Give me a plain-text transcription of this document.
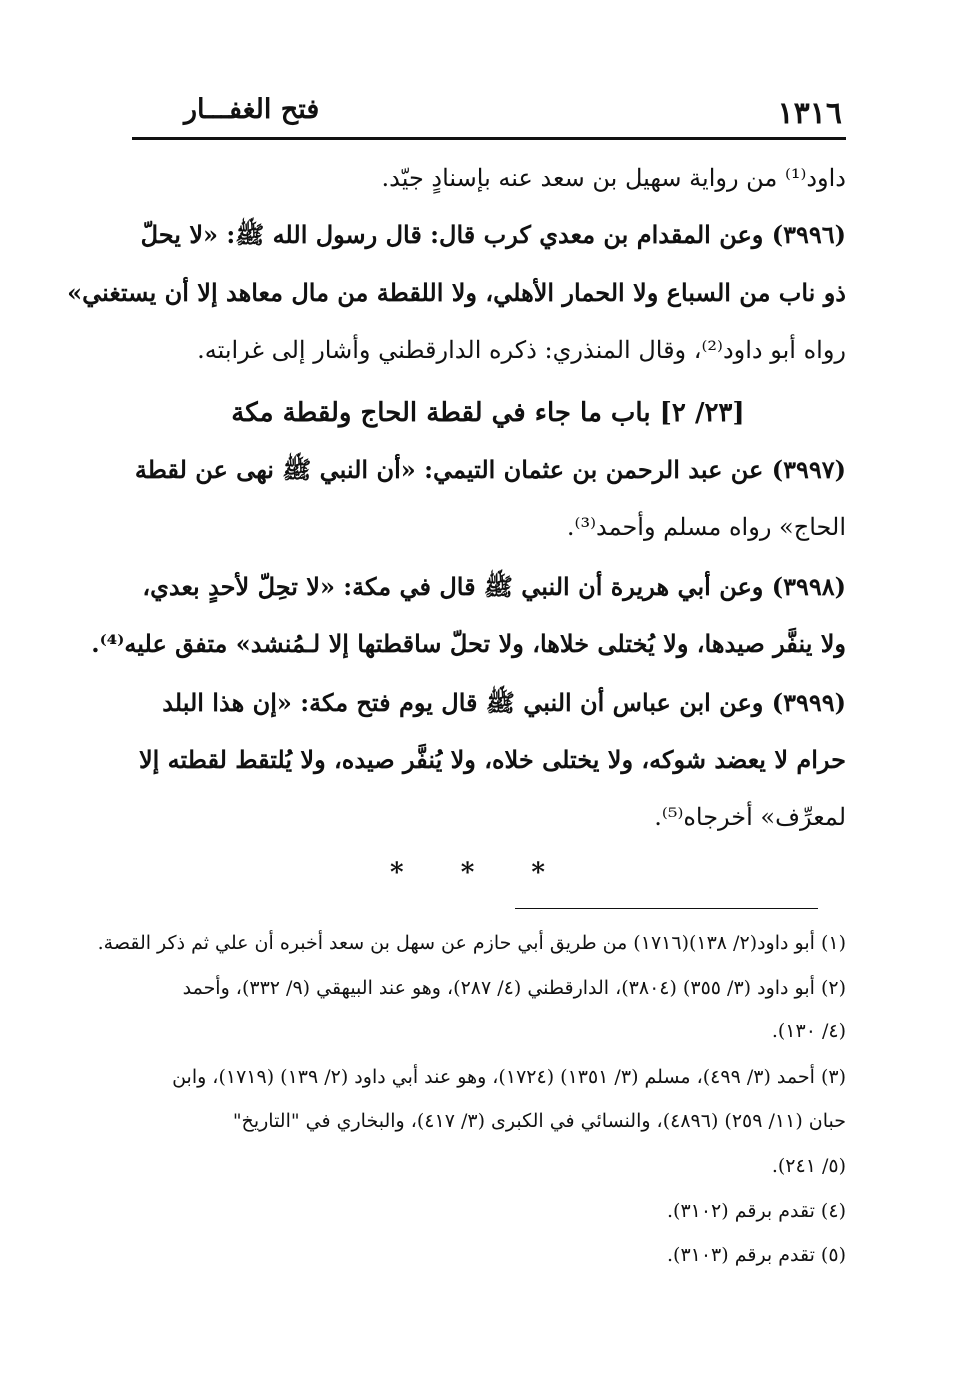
١٣١٦
فتح الغفـــار
داود⁽¹⁾ من رواية سهيل بن سعد عنه بإسنادٍ جيّد.
(٣٩٩٦) وعن المقدام بن معدي كرب قال: قال رسول الله ﷺ: «لا يحلّ
ذو ناب من السباع ولا الحمار الأهلي، ولا اللقطة من مال معاهد إلا أن يستغني»
رواه أبو داود⁽²⁾، وقال المنذري: ذكره الدارقطني وأشار إلى غرابته.
[٢٣/ ٢] باب ما جاء في لقطة الحاج ولقطة مكة
(٣٩٩٧) عن عبد الرحمن بن عثمان التيمي: «أن النبي ﷺ نهى عن لقطة
الحاج» رواه مسلم وأحمد⁽³⁾.
(٣٩٩٨) وعن أبي هريرة أن النبي ﷺ قال في مكة: «لا تحِلّ لأحدٍ بعدي،
ولا ينفَّر صيدها، ولا يُختلى خلاها، ولا تحلّ ساقطتها إلا لـمُنشد» متفق عليه⁽⁴⁾.
(٣٩٩٩) وعن ابن عباس أن النبي ﷺ قال يوم فتح مكة: «إن هذا البلد
حرام لا يعضد شوكه، ولا يختلى خلاه، ولا يُنفَّر صيده، ولا يُلتقط لقطته إلا
لمعرِّف» أخرجاه⁽⁵⁾.
* * *
(١) أبو داود(٢/ ١٣٨)(١٧١٦) من طريق أبي حازم عن سهل بن سعد أخبره أن علي ثم ذكر القصة.
(٢) أبو داود (٣/ ٣٥٥) (٣٨٠٤)، الدارقطني (٤/ ٢٨٧)، وهو عند البيهقي (٩/ ٣٣٢)، وأحمد
(٤/ ١٣٠).
(٣) أحمد (٣/ ٤٩٩)، مسلم (٣/ ١٣٥١) (١٧٢٤)، وهو عند أبي داود (٢/ ١٣٩) (١٧١٩)، وابن
حبان (١١/ ٢٥٩) (٤٨٩٦)، والنسائي في الكبرى (٣/ ٤١٧)، والبخاري في "التاريخ"
(٥/ ٢٤١).
(٤) تقدم برقم (٣١٠٢).
(٥) تقدم برقم (٣١٠٣).
